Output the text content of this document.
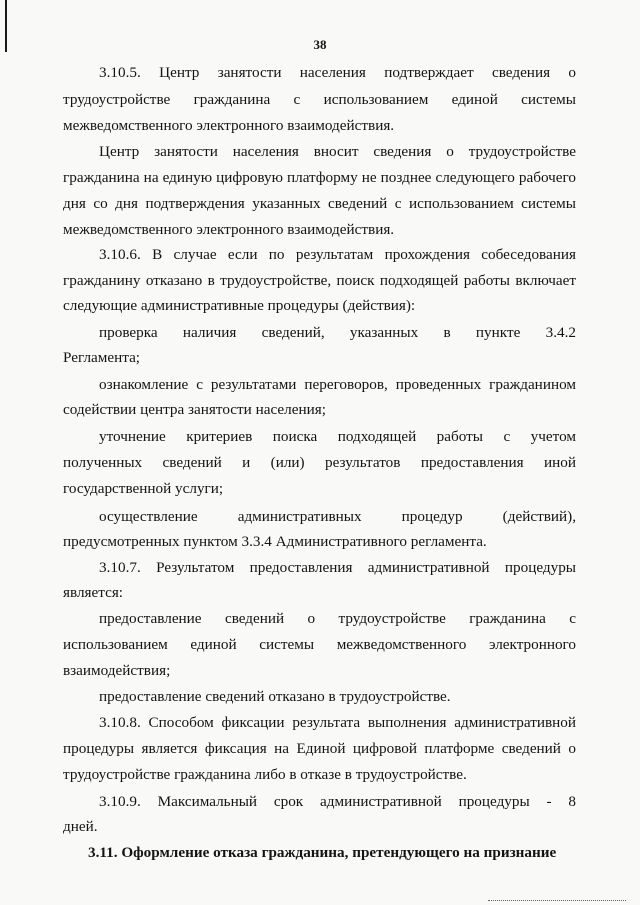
38
3.10.5. Центр занятости населения подтверждает сведения о
трудоустройстве гражданина с использованием единой системы
межведомственного электронного взаимодействия.
Центр занятости населения вносит сведения о трудоустройстве
гражданина на единую цифровую платформу не позднее следующего рабочего
дня со дня подтверждения указанных сведений с использованием системы
межведомственного электронного взаимодействия.
3.10.6. В случае если по результатам прохождения собеседования
гражданину отказано в трудоустройстве, поиск подходящей работы включает
следующие административные процедуры (действия):
проверка наличия сведений, указанных в пункте 3.4.2
Регламента;
ознакомление с результатами переговоров, проведенных гражданином
содействии центра занятости населения;
уточнение критериев поиска подходящей работы с учетом
полученных сведений и (или) результатов предоставления иной
государственной услуги;
осуществление административных процедур (действий),
предусмотренных пунктом 3.3.4 Административного регламента.
3.10.7. Результатом предоставления административной процедуры
является:
предоставление сведений о трудоустройстве гражданина с
использованием единой системы межведомственного электронного
взаимодействия;
предоставление сведений отказано в трудоустройстве.
3.10.8. Способом фиксации результата выполнения административной
процедуры является фиксация на Единой цифровой платформе сведений о
трудоустройстве гражданина либо в отказе в трудоустройстве.
3.10.9. Максимальный срок административной процедуры - 8
дней.
3.11. Оформление отказа гражданина, претендующего на признание
